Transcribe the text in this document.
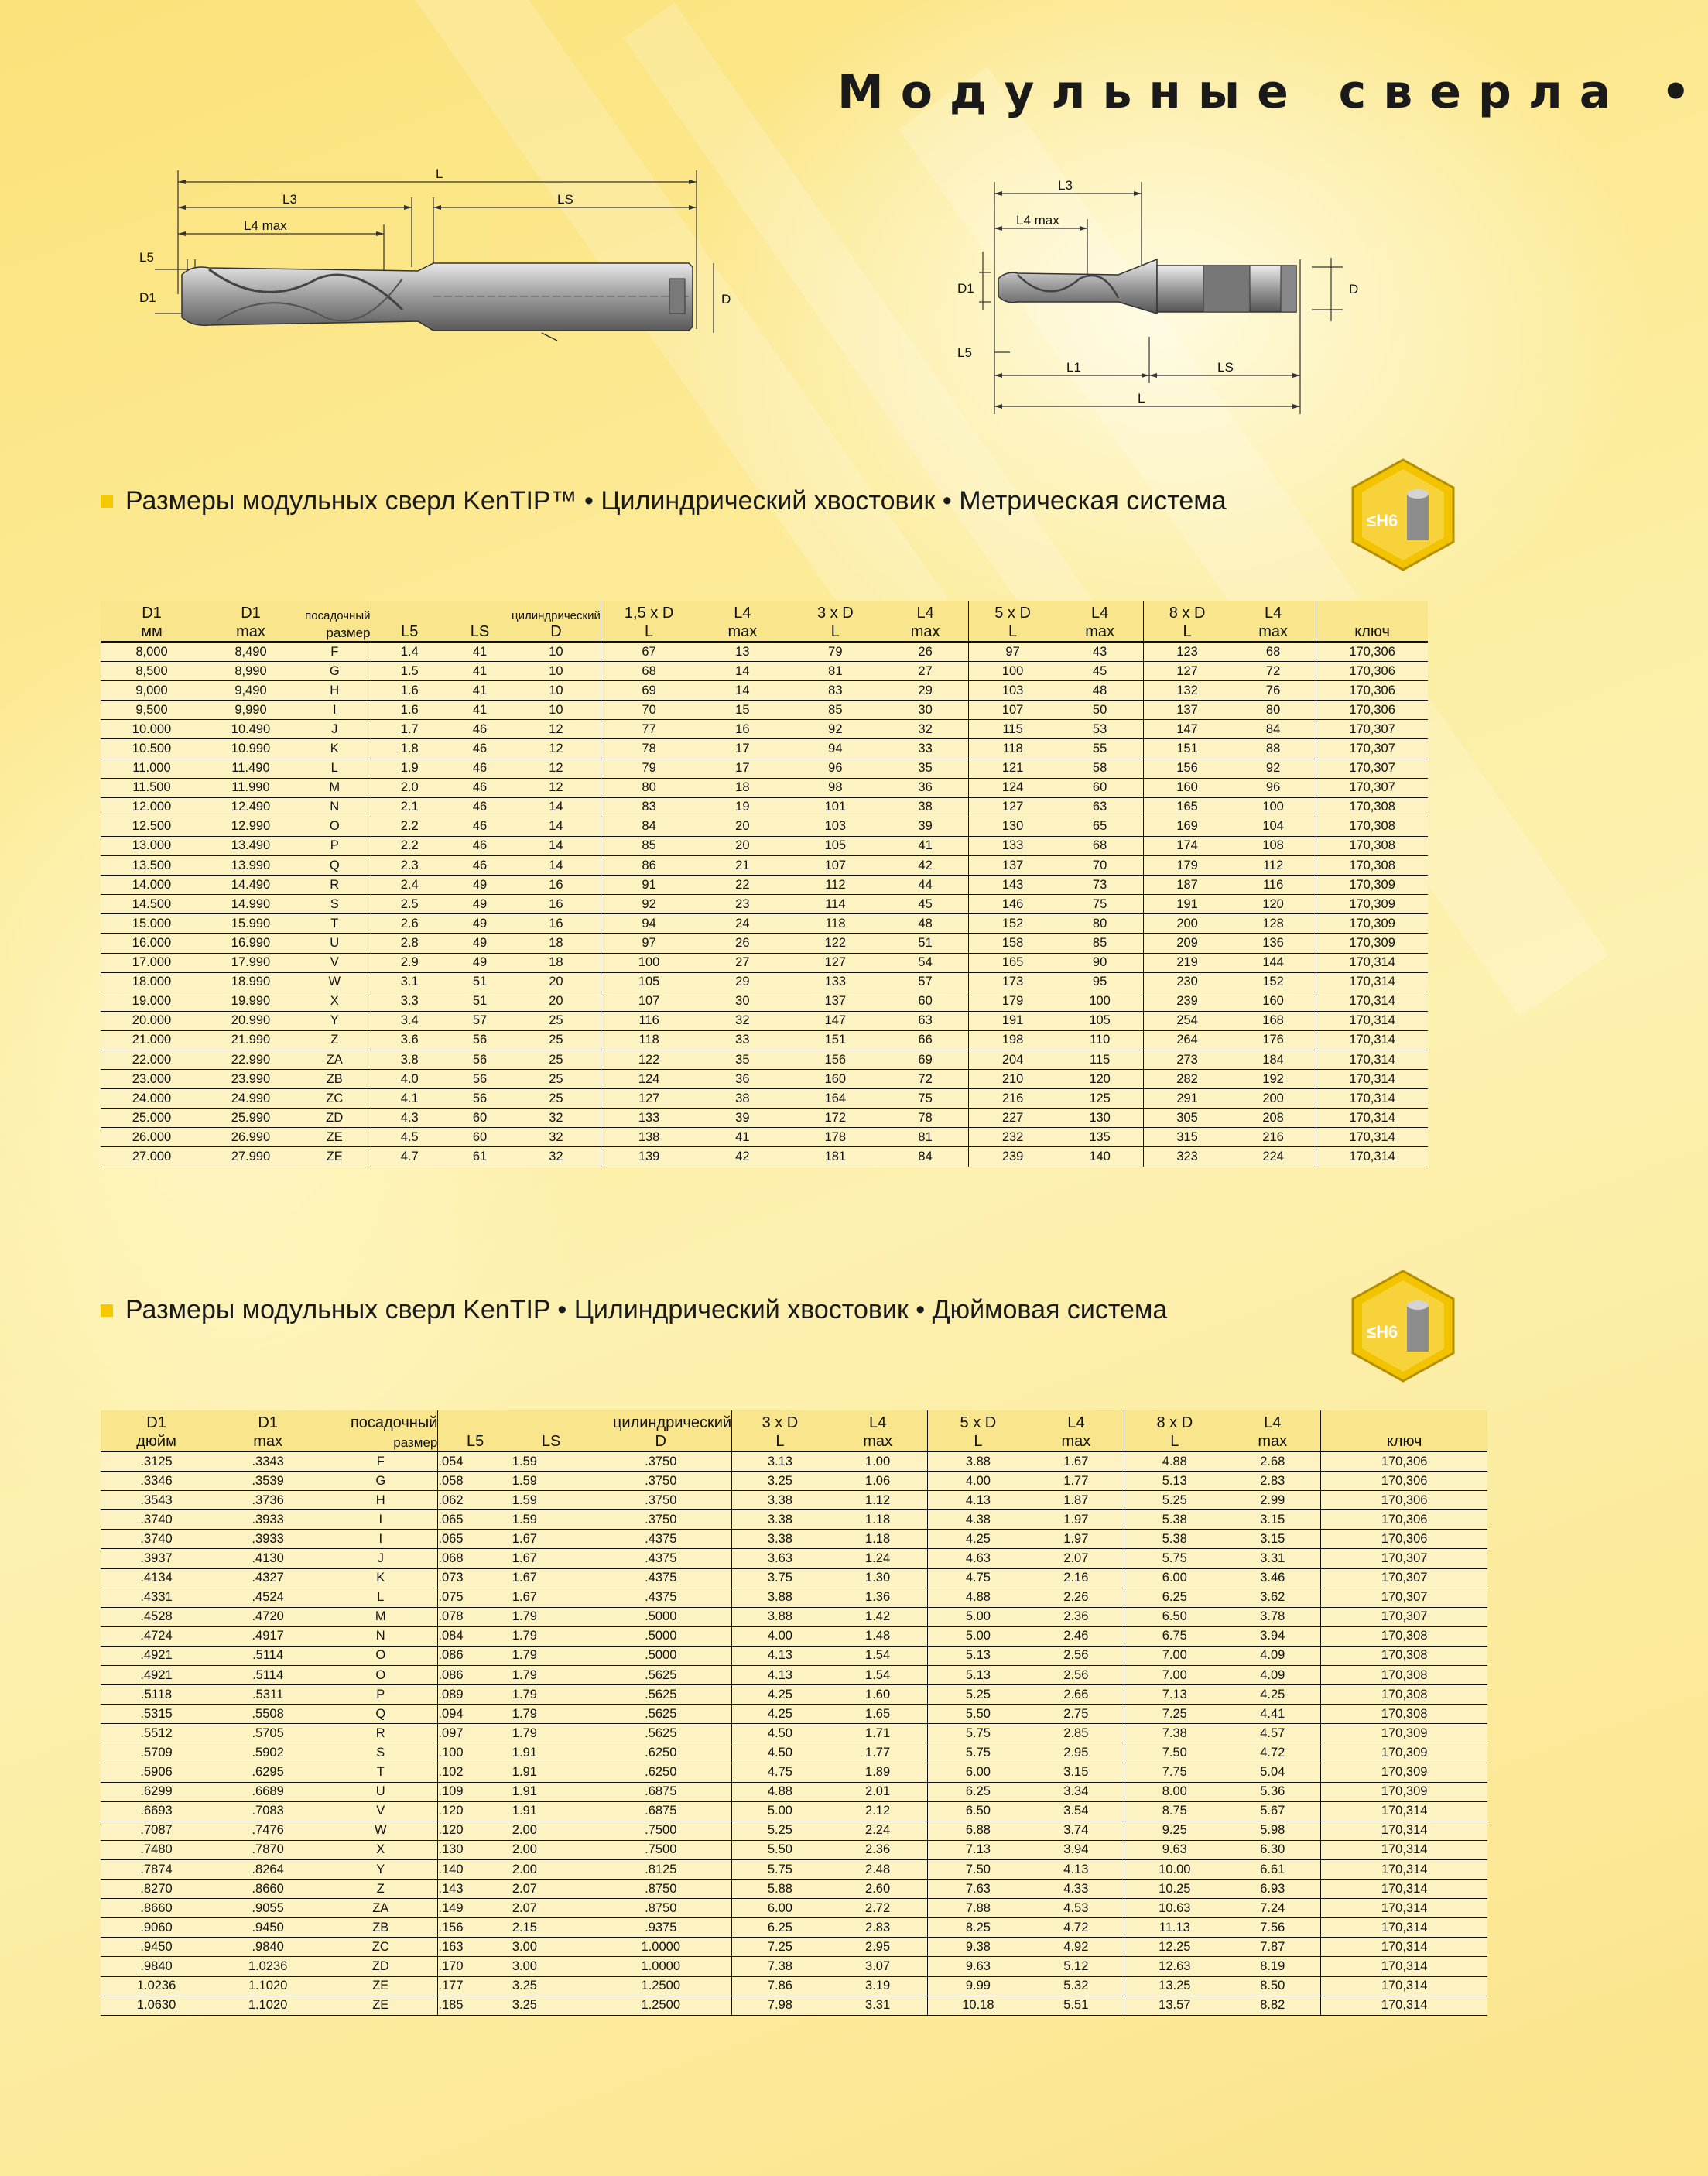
Модульные сверла •
L
L3	LS
L4 max
L5
D1	D
L3
L4 max
D1	D
L5
L1	LS
L
Размеры модульных сверл KenTIP™ • Цилиндрический хвостовик • Метрическая система
≤H6
D1	D1	посадочный			цилиндрический	1,5 x D	L4	3 x D	L4	5 x D	L4	8 x D	L4	
мм	max	размер	L5	LS	D	L	max	L	max	L	max	L	max	ключ
8,000	8,490	F	1.4	41	10	67	13	79	26	97	43	123	68	170,306
8,500	8,990	G	1.5	41	10	68	14	81	27	100	45	127	72	170,306
9,000	9,490	H	1.6	41	10	69	14	83	29	103	48	132	76	170,306
9,500	9,990	I	1.6	41	10	70	15	85	30	107	50	137	80	170,306
10.000	10.490	J	1.7	46	12	77	16	92	32	115	53	147	84	170,307
10.500	10.990	K	1.8	46	12	78	17	94	33	118	55	151	88	170,307
11.000	11.490	L	1.9	46	12	79	17	96	35	121	58	156	92	170,307
11.500	11.990	M	2.0	46	12	80	18	98	36	124	60	160	96	170,307
12.000	12.490	N	2.1	46	14	83	19	101	38	127	63	165	100	170,308
12.500	12.990	O	2.2	46	14	84	20	103	39	130	65	169	104	170,308
13.000	13.490	P	2.2	46	14	85	20	105	41	133	68	174	108	170,308
13.500	13.990	Q	2.3	46	14	86	21	107	42	137	70	179	112	170,308
14.000	14.490	R	2.4	49	16	91	22	112	44	143	73	187	116	170,309
14.500	14.990	S	2.5	49	16	92	23	114	45	146	75	191	120	170,309
15.000	15.990	T	2.6	49	16	94	24	118	48	152	80	200	128	170,309
16.000	16.990	U	2.8	49	18	97	26	122	51	158	85	209	136	170,309
17.000	17.990	V	2.9	49	18	100	27	127	54	165	90	219	144	170,314
18.000	18.990	W	3.1	51	20	105	29	133	57	173	95	230	152	170,314
19.000	19.990	X	3.3	51	20	107	30	137	60	179	100	239	160	170,314
20.000	20.990	Y	3.4	57	25	116	32	147	63	191	105	254	168	170,314
21.000	21.990	Z	3.6	56	25	118	33	151	66	198	110	264	176	170,314
22.000	22.990	ZA	3.8	56	25	122	35	156	69	204	115	273	184	170,314
23.000	23.990	ZB	4.0	56	25	124	36	160	72	210	120	282	192	170,314
24.000	24.990	ZC	4.1	56	25	127	38	164	75	216	125	291	200	170,314
25.000	25.990	ZD	4.3	60	32	133	39	172	78	227	130	305	208	170,314
26.000	26.990	ZE	4.5	60	32	138	41	178	81	232	135	315	216	170,314
27.000	27.990	ZE	4.7	61	32	139	42	181	84	239	140	323	224	170,314
Размеры модульных сверл KenTIP • Цилиндрический хвостовик • Дюймовая система
≤H6
D1	D1	посадочный			цилиндрический	3 x D	L4	5 x D	L4	8 x D	L4	
дюйм	max	размер	L5	LS	D	L	max	L	max	L	max	ключ
.3125	.3343	F	.054	1.59	.3750	3.13	1.00	3.88	1.67	4.88	2.68	170,306
.3346	.3539	G	.058	1.59	.3750	3.25	1.06	4.00	1.77	5.13	2.83	170,306
.3543	.3736	H	.062	1.59	.3750	3.38	1.12	4.13	1.87	5.25	2.99	170,306
.3740	.3933	I	.065	1.59	.3750	3.38	1.18	4.38	1.97	5.38	3.15	170,306
.3740	.3933	I	.065	1.67	.4375	3.38	1.18	4.25	1.97	5.38	3.15	170,306
.3937	.4130	J	.068	1.67	.4375	3.63	1.24	4.63	2.07	5.75	3.31	170,307
.4134	.4327	K	.073	1.67	.4375	3.75	1.30	4.75	2.16	6.00	3.46	170,307
.4331	.4524	L	.075	1.67	.4375	3.88	1.36	4.88	2.26	6.25	3.62	170,307
.4528	.4720	M	.078	1.79	.5000	3.88	1.42	5.00	2.36	6.50	3.78	170,307
.4724	.4917	N	.084	1.79	.5000	4.00	1.48	5.00	2.46	6.75	3.94	170,308
.4921	.5114	O	.086	1.79	.5000	4.13	1.54	5.13	2.56	7.00	4.09	170,308
.4921	.5114	O	.086	1.79	.5625	4.13	1.54	5.13	2.56	7.00	4.09	170,308
.5118	.5311	P	.089	1.79	.5625	4.25	1.60	5.25	2.66	7.13	4.25	170,308
.5315	.5508	Q	.094	1.79	.5625	4.25	1.65	5.50	2.75	7.25	4.41	170,308
.5512	.5705	R	.097	1.79	.5625	4.50	1.71	5.75	2.85	7.38	4.57	170,309
.5709	.5902	S	.100	1.91	.6250	4.50	1.77	5.75	2.95	7.50	4.72	170,309
.5906	.6295	T	.102	1.91	.6250	4.75	1.89	6.00	3.15	7.75	5.04	170,309
.6299	.6689	U	.109	1.91	.6875	4.88	2.01	6.25	3.34	8.00	5.36	170,309
.6693	.7083	V	.120	1.91	.6875	5.00	2.12	6.50	3.54	8.75	5.67	170,314
.7087	.7476	W	.120	2.00	.7500	5.25	2.24	6.88	3.74	9.25	5.98	170,314
.7480	.7870	X	.130	2.00	.7500	5.50	2.36	7.13	3.94	9.63	6.30	170,314
.7874	.8264	Y	.140	2.00	.8125	5.75	2.48	7.50	4.13	10.00	6.61	170,314
.8270	.8660	Z	.143	2.07	.8750	5.88	2.60	7.63	4.33	10.25	6.93	170,314
.8660	.9055	ZA	.149	2.07	.8750	6.00	2.72	7.88	4.53	10.63	7.24	170,314
.9060	.9450	ZB	.156	2.15	.9375	6.25	2.83	8.25	4.72	11.13	7.56	170,314
.9450	.9840	ZC	.163	3.00	1.0000	7.25	2.95	9.38	4.92	12.25	7.87	170,314
.9840	1.0236	ZD	.170	3.00	1.0000	7.38	3.07	9.63	5.12	12.63	8.19	170,314
1.0236	1.1020	ZE	.177	3.25	1.2500	7.86	3.19	9.99	5.32	13.25	8.50	170,314
1.0630	1.1020	ZE	.185	3.25	1.2500	7.98	3.31	10.18	5.51	13.57	8.82	170,314
